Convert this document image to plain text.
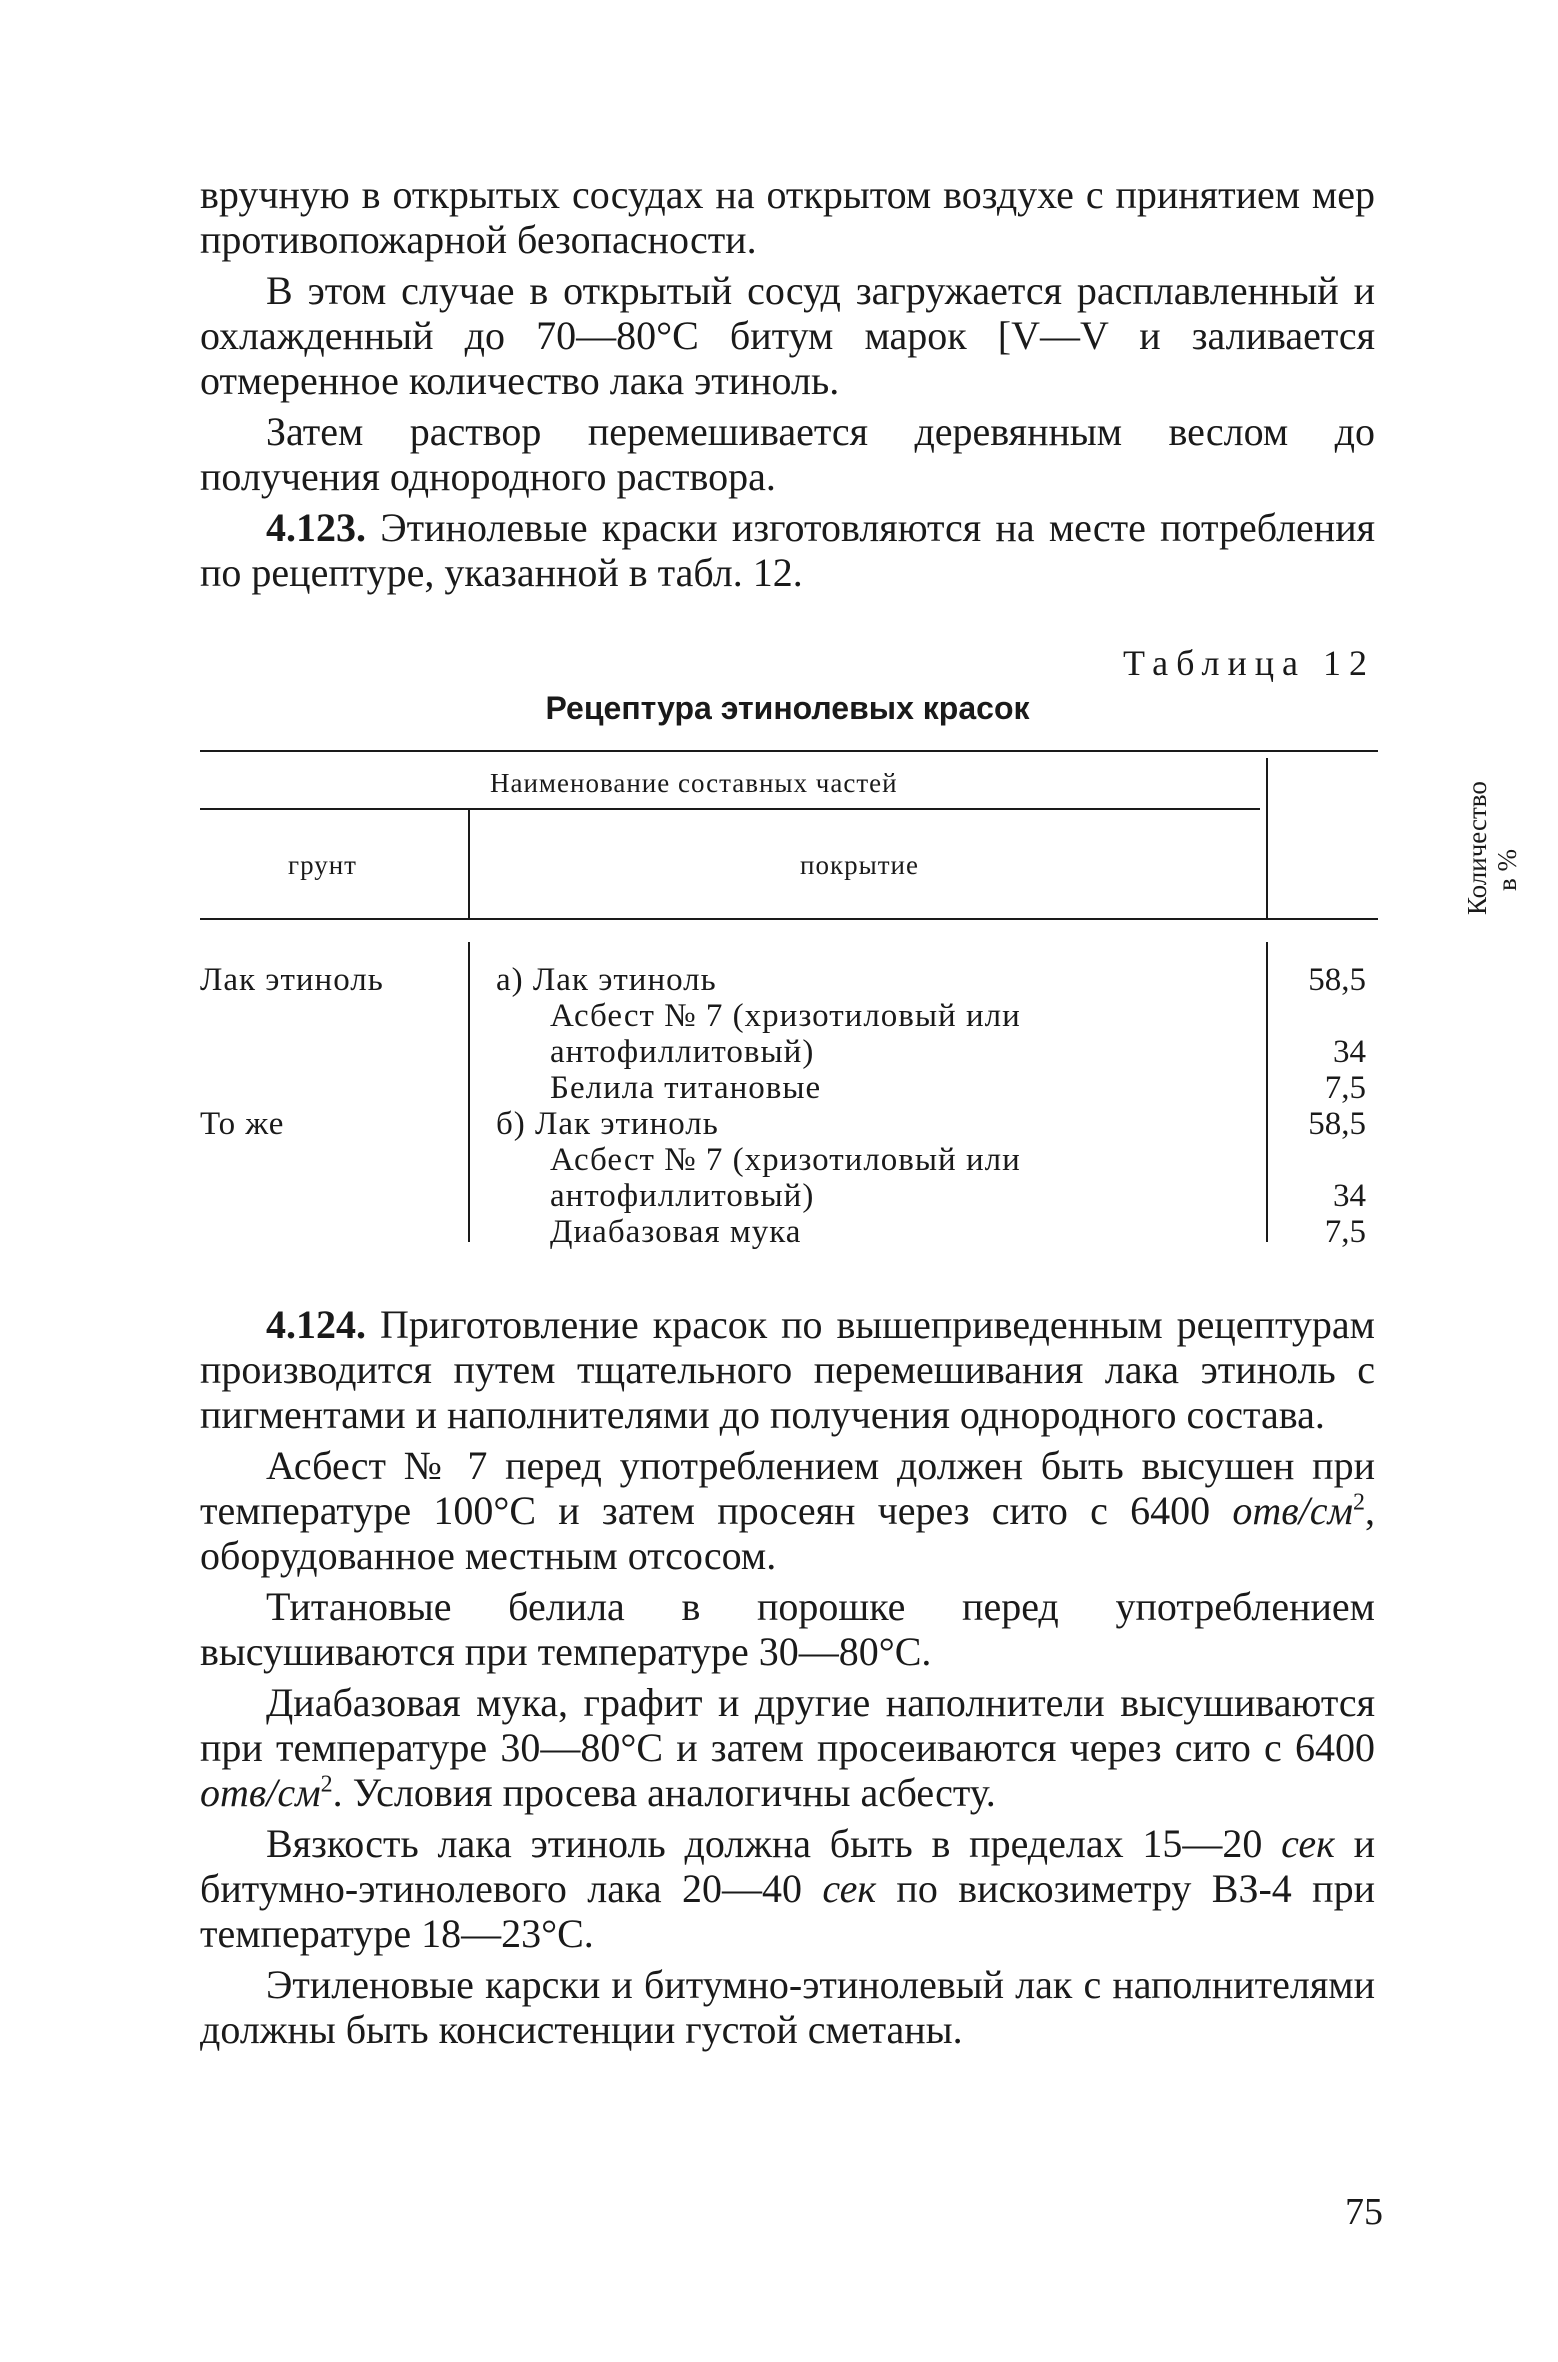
вручную в открытых сосудах на открытом воздухе с принятием мер противопожарной безопасности.

В этом случае в открытый сосуд загружается расплавленный и охлажденный до 70—80°С битум марок [V—V и заливается отмеренное количество лака этиноль.

Затем раствор перемешивается деревянным веслом до получения однородного раствора.

4.123. Этинолевые краски изготовляются на месте потребления по рецептуре, указанной в табл. 12.

Таблица 12
Рецептура этинолевых красок
Наименование составных частей
грунт	покрытие	Количество в %
Лак этиноль
То же
а) Лак этиноль
Асбест № 7 (хризотиловый или антофиллитовый)
Белила титановые
б) Лак этиноль
Асбест № 7 (хризотиловый или антофиллитовый)
Диабазовая мука
58,5
34
7,5
58,5
34
7,5

4.124. Приготовление красок по вышеприведенным рецептурам производится путем тщательного перемешивания лака этиноль с пигментами и наполнителями до получения однородного состава.

Асбест № 7 перед употреблением должен быть высушен при температуре 100°С и затем просеян через сито с 6400 отв/$см^2$, оборудованное местным отсосом.

Титановые белила в порошке перед употреблением высушиваются при температуре 30—80°С.

Диабазовая мука, графит и другие наполнители высушиваются при температуре 30—80°С и затем просеиваются через сито с 6400 отв/$см^2$. Условия просева аналогичны асбесту.

Вязкость лака этиноль должна быть в пределах 15—20 сек и битумно-этинолевого лака 20—40 сек по вискозиметру ВЗ-4 при температуре 18—23°С.

Этиленовые карски и битумно-этинолевый лак с наполнителями должны быть консистенции густой сметаны.

75
